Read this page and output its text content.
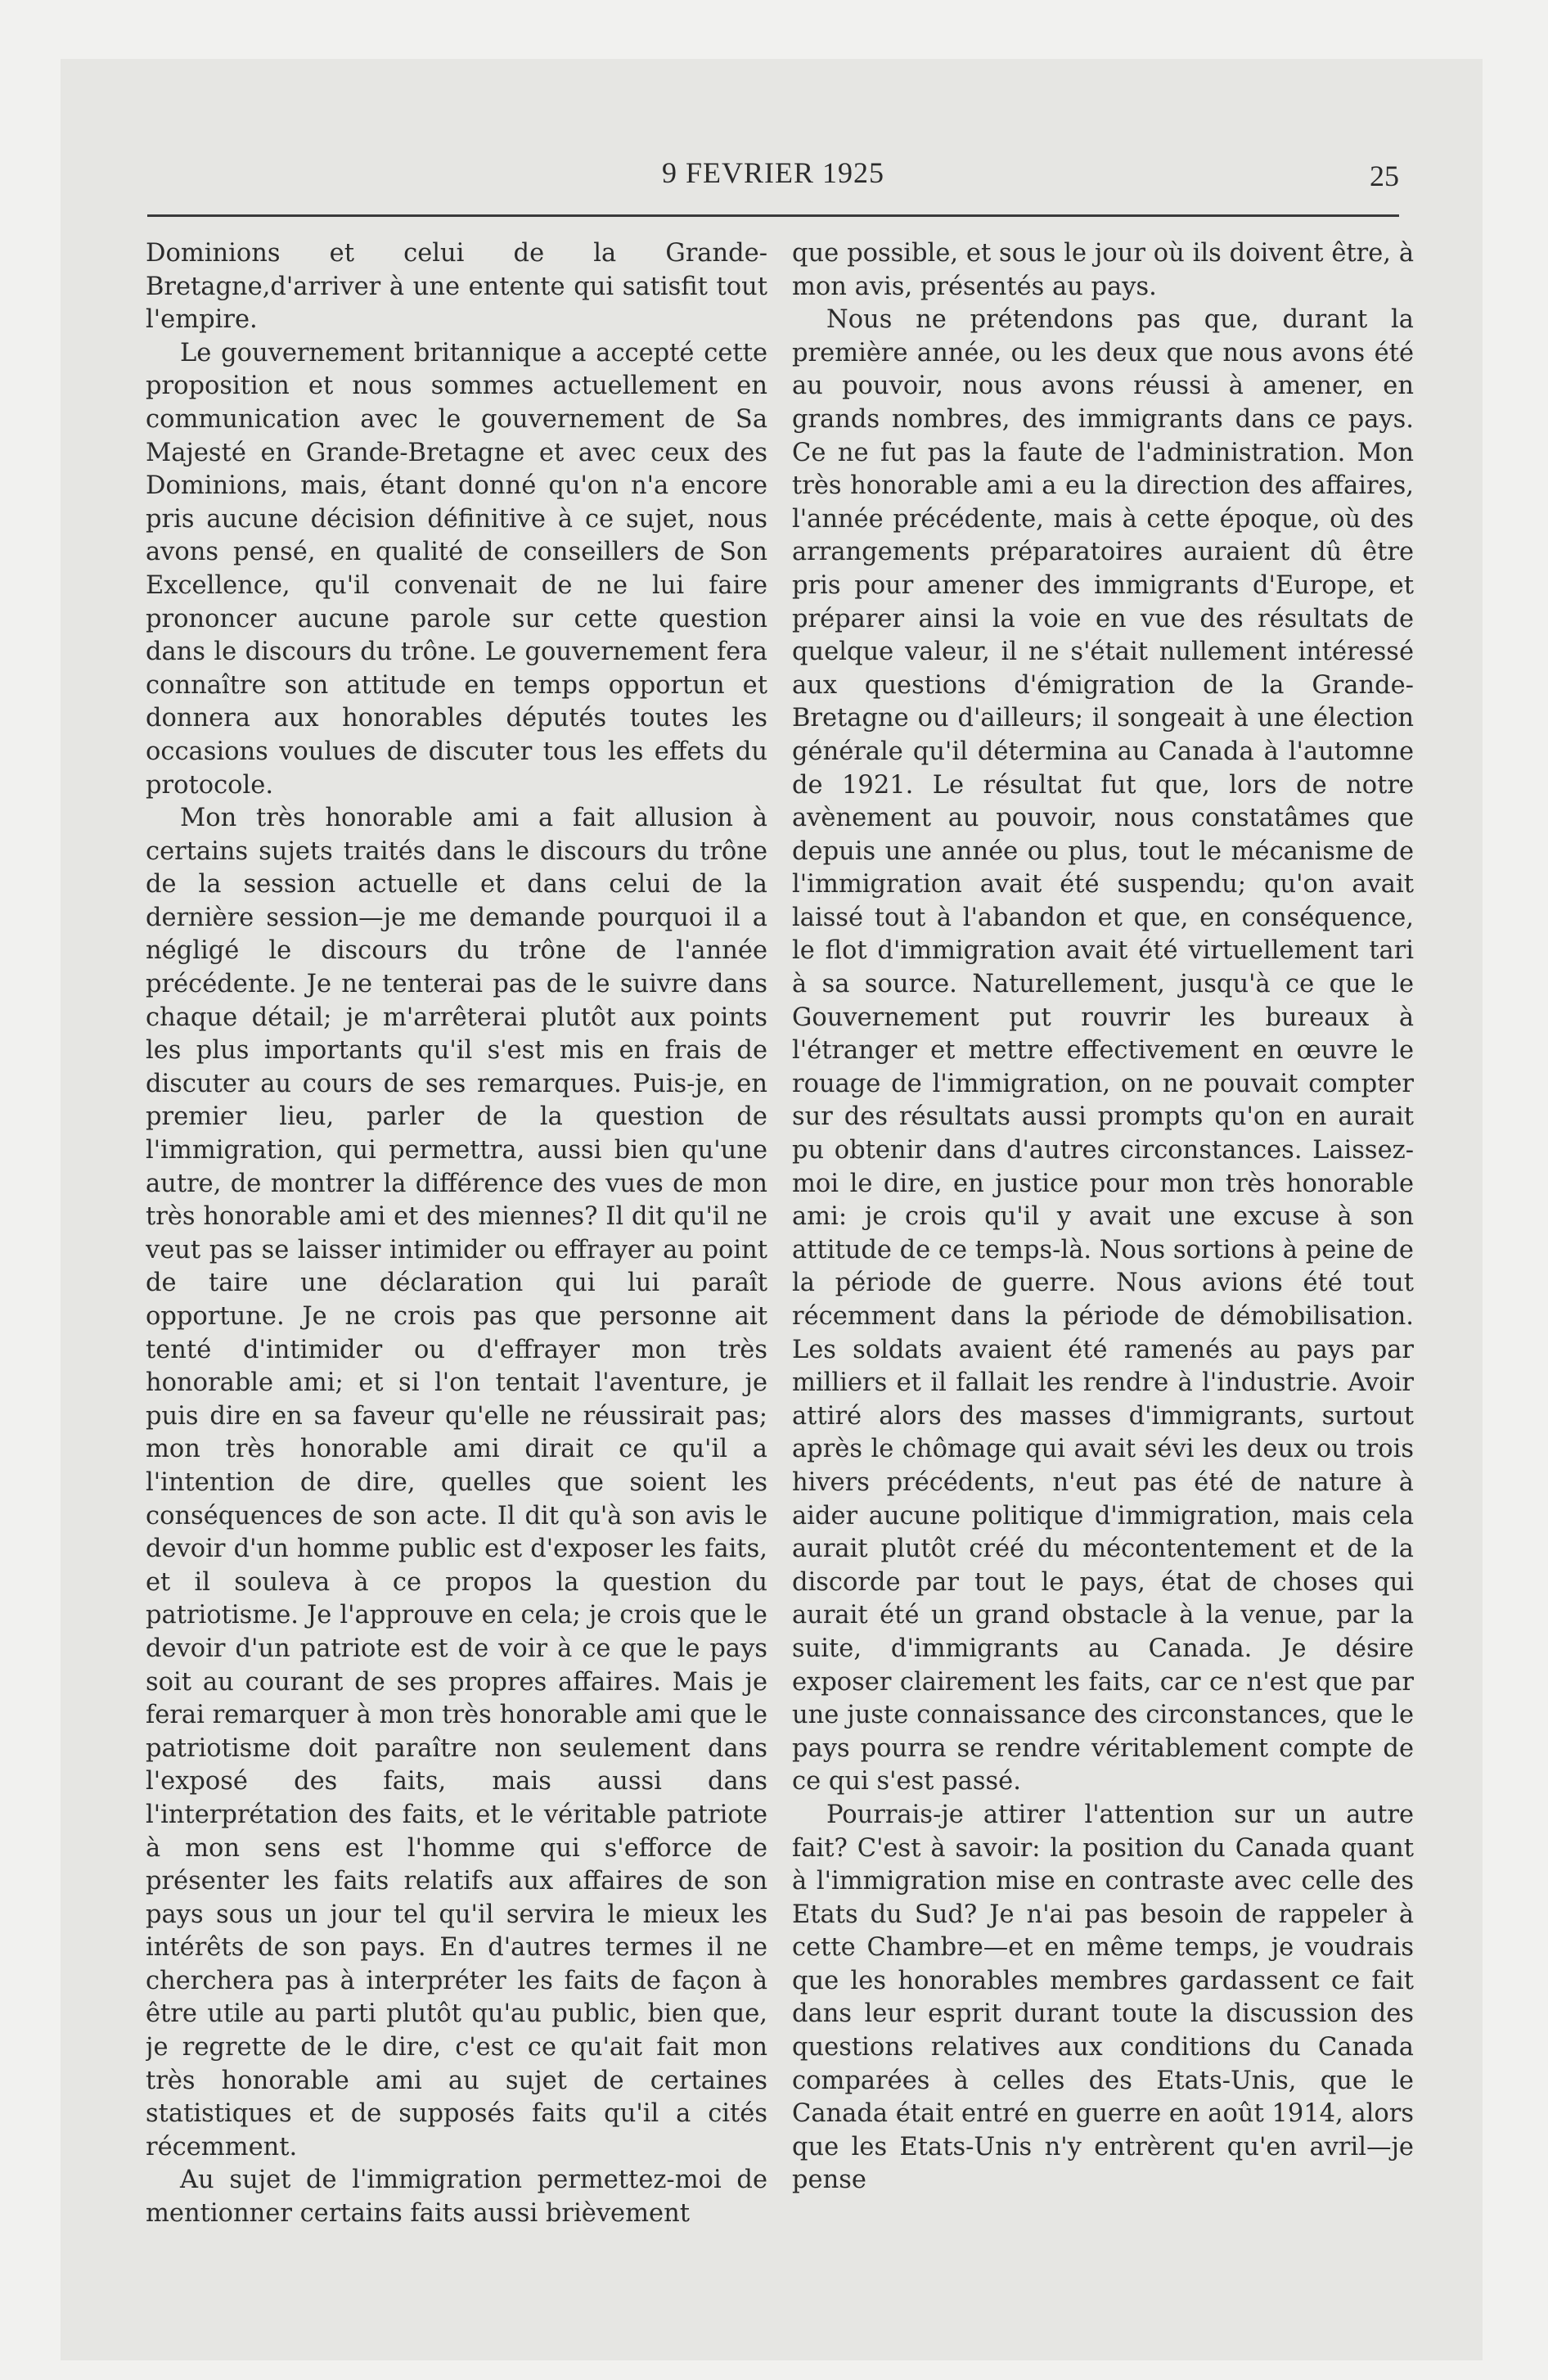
9 FEVRIER 1925	25

Dominions et celui de la Grande-Bretagne,d'arriver à une entente qui satisfit tout l'empire.

Le gouvernement britannique a accepté cette proposition et nous sommes actuellement en communication avec le gouvernement de Sa Majesté en Grande-Bretagne et avec ceux des Dominions, mais, étant donné qu'on n'a encore pris aucune décision définitive à ce sujet, nous avons pensé, en qualité de conseillers de Son Excellence, qu'il convenait de ne lui faire prononcer aucune parole sur cette question dans le discours du trône. Le gouvernement fera connaître son attitude en temps opportun et donnera aux honorables députés toutes les occasions voulues de discuter tous les effets du protocole.

Mon très honorable ami a fait allusion à certains sujets traités dans le discours du trône de la session actuelle et dans celui de la dernière session—je me demande pourquoi il a négligé le discours du trône de l'année précédente. Je ne tenterai pas de le suivre dans chaque détail; je m'arrêterai plutôt aux points les plus importants qu'il s'est mis en frais de discuter au cours de ses remarques. Puis-je, en premier lieu, parler de la question de l'immigration, qui permettra, aussi bien qu'une autre, de montrer la différence des vues de mon très honorable ami et des miennes? Il dit qu'il ne veut pas se laisser intimider ou effrayer au point de taire une déclaration qui lui paraît opportune. Je ne crois pas que personne ait tenté d'intimider ou d'effrayer mon très honorable ami; et si l'on tentait l'aventure, je puis dire en sa faveur qu'elle ne réussirait pas; mon très honorable ami dirait ce qu'il a l'intention de dire, quelles que soient les conséquences de son acte. Il dit qu'à son avis le devoir d'un homme public est d'exposer les faits, et il souleva à ce propos la question du patriotisme. Je l'approuve en cela; je crois que le devoir d'un patriote est de voir à ce que le pays soit au courant de ses propres affaires. Mais je ferai remarquer à mon très honorable ami que le patriotisme doit paraître non seulement dans l'exposé des faits, mais aussi dans l'interprétation des faits, et le véritable patriote à mon sens est l'homme qui s'efforce de présenter les faits relatifs aux affaires de son pays sous un jour tel qu'il servira le mieux les intérêts de son pays. En d'autres termes il ne cherchera pas à interpréter les faits de façon à être utile au parti plutôt qu'au public, bien que, je regrette de le dire, c'est ce qu'ait fait mon très honorable ami au sujet de certaines statistiques et de supposés faits qu'il a cités récemment.

Au sujet de l'immigration permettez-moi de mentionner certains faits aussi brièvement

que possible, et sous le jour où ils doivent être, à mon avis, présentés au pays.

Nous ne prétendons pas que, durant la première année, ou les deux que nous avons été au pouvoir, nous avons réussi à amener, en grands nombres, des immigrants dans ce pays. Ce ne fut pas la faute de l'administration. Mon très honorable ami a eu la direction des affaires, l'année précédente, mais à cette époque, où des arrangements préparatoires auraient dû être pris pour amener des immigrants d'Europe, et préparer ainsi la voie en vue des résultats de quelque valeur, il ne s'était nullement intéressé aux questions d'émigration de la Grande-Bretagne ou d'ailleurs; il songeait à une élection générale qu'il détermina au Canada à l'automne de 1921. Le résultat fut que, lors de notre avènement au pouvoir, nous constatâmes que depuis une année ou plus, tout le mécanisme de l'immigration avait été suspendu; qu'on avait laissé tout à l'abandon et que, en conséquence, le flot d'immigration avait été virtuellement tari à sa source. Naturellement, jusqu'à ce que le Gouvernement put rouvrir les bureaux à l'étranger et mettre effectivement en œuvre le rouage de l'immigration, on ne pouvait compter sur des résultats aussi prompts qu'on en aurait pu obtenir dans d'autres circonstances. Laissez-moi le dire, en justice pour mon très honorable ami: je crois qu'il y avait une excuse à son attitude de ce temps-là. Nous sortions à peine de la période de guerre. Nous avions été tout récemment dans la période de démobilisation. Les soldats avaient été ramenés au pays par milliers et il fallait les rendre à l'industrie. Avoir attiré alors des masses d'immigrants, surtout après le chômage qui avait sévi les deux ou trois hivers précédents, n'eut pas été de nature à aider aucune politique d'immigration, mais cela aurait plutôt créé du mécontentement et de la discorde par tout le pays, état de choses qui aurait été un grand obstacle à la venue, par la suite, d'immigrants au Canada. Je désire exposer clairement les faits, car ce n'est que par une juste connaissance des circonstances, que le pays pourra se rendre véritablement compte de ce qui s'est passé.

Pourrais-je attirer l'attention sur un autre fait? C'est à savoir: la position du Canada quant à l'immigration mise en contraste avec celle des Etats du Sud? Je n'ai pas besoin de rappeler à cette Chambre—et en même temps, je voudrais que les honorables membres gardassent ce fait dans leur esprit durant toute la discussion des questions relatives aux conditions du Canada comparées à celles des Etats-Unis, que le Canada était entré en guerre en août 1914, alors que les Etats-Unis n'y entrèrent qu'en avril—je pense
